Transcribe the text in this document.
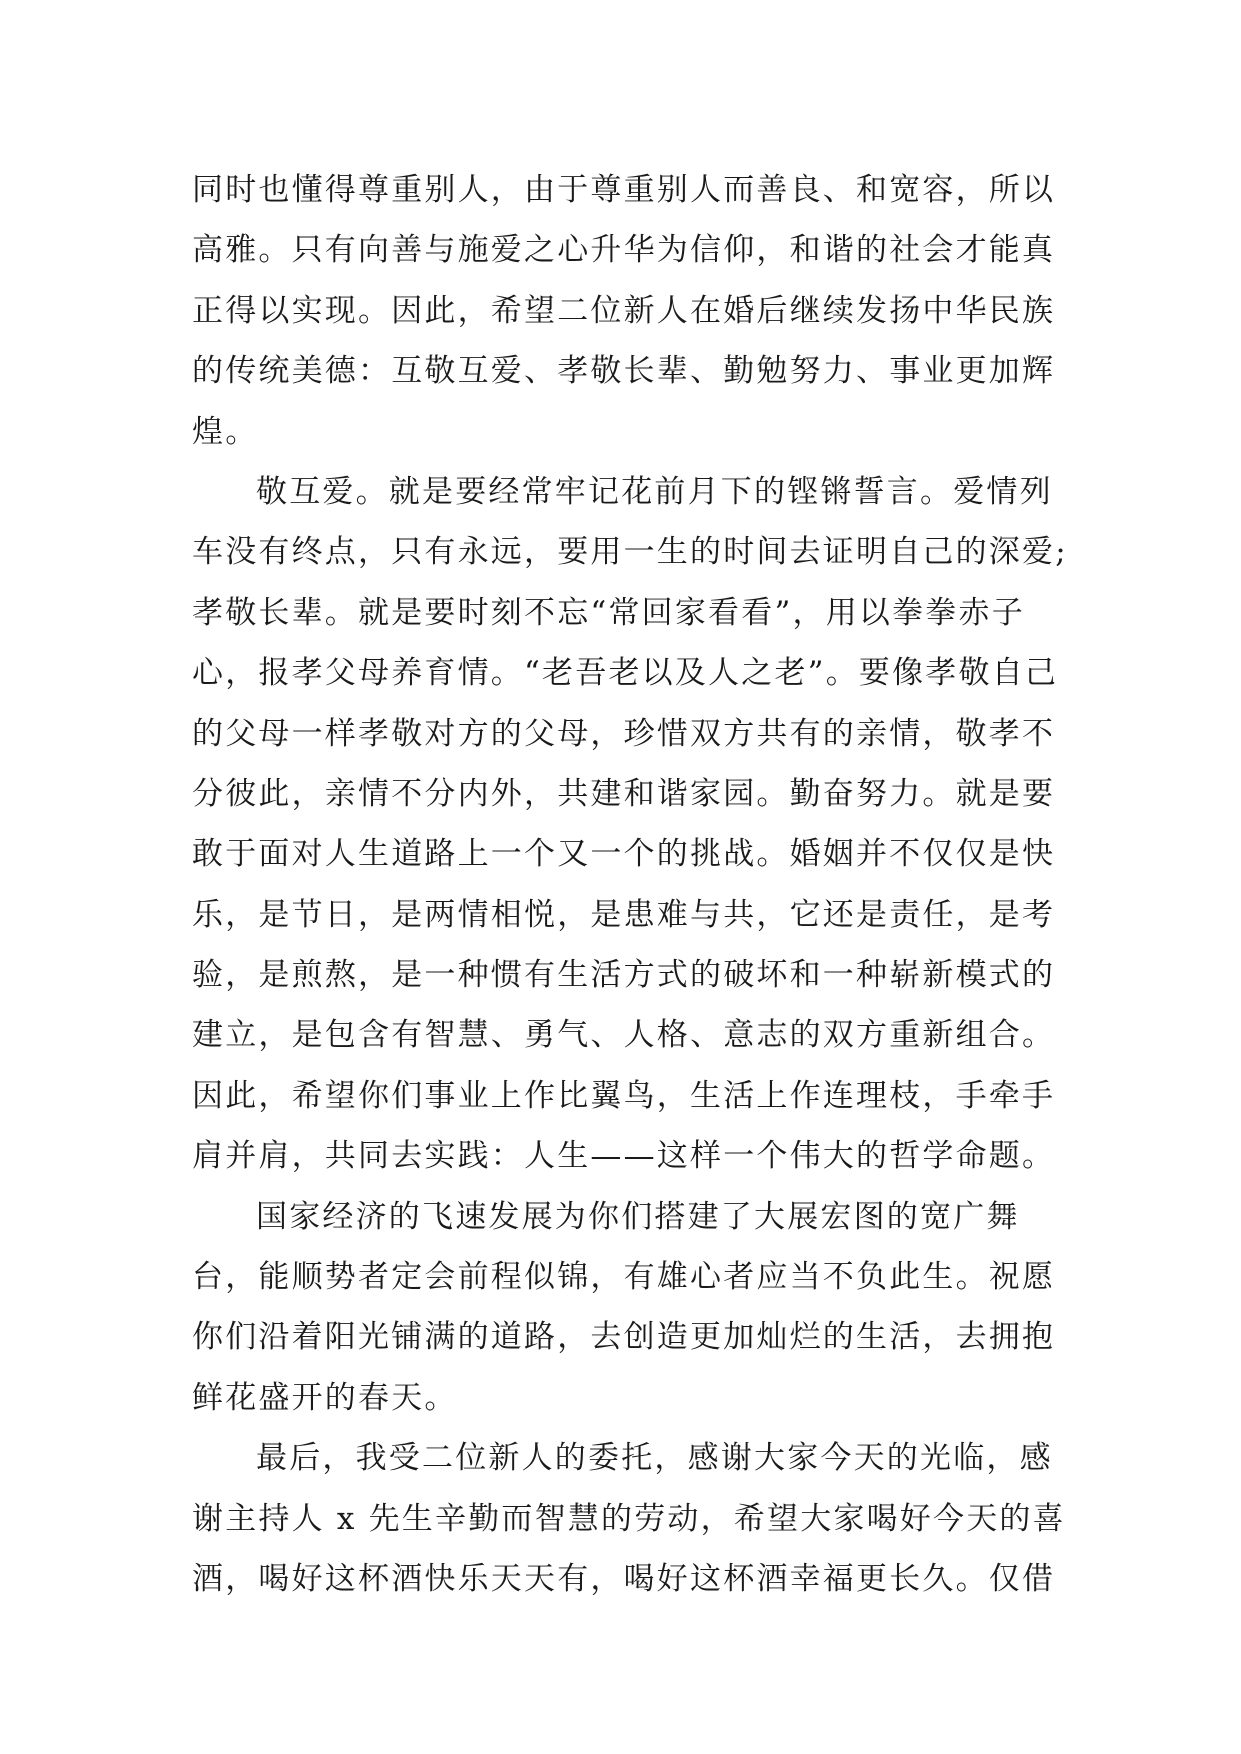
同时也懂得尊重别人，由于尊重别人而善良、和宽容，所以
高雅。只有向善与施爱之心升华为信仰，和谐的社会才能真
正得以实现。因此，希望二位新人在婚后继续发扬中华民族
的传统美德：互敬互爱、孝敬长辈、勤勉努力、事业更加辉
煌。
敬互爱。就是要经常牢记花前月下的铿锵誓言。爱情列
车没有终点，只有永远，要用一生的时间去证明自己的深爱;
孝敬长辈。就是要时刻不忘“常回家看看”，用以拳拳赤子
心，报孝父母养育情。“老吾老以及人之老”。要像孝敬自己
的父母一样孝敬对方的父母，珍惜双方共有的亲情，敬孝不
分彼此，亲情不分内外，共建和谐家园。勤奋努力。就是要
敢于面对人生道路上一个又一个的挑战。婚姻并不仅仅是快
乐，是节日，是两情相悦，是患难与共，它还是责任，是考
验，是煎熬，是一种惯有生活方式的破坏和一种崭新模式的
建立，是包含有智慧、勇气、人格、意志的双方重新组合。
因此，希望你们事业上作比翼鸟，生活上作连理枝，手牵手
肩并肩，共同去实践：人生——这样一个伟大的哲学命题。
国家经济的飞速发展为你们搭建了大展宏图的宽广舞
台，能顺势者定会前程似锦，有雄心者应当不负此生。祝愿
你们沿着阳光铺满的道路，去创造更加灿烂的生活，去拥抱
鲜花盛开的春天。
最后，我受二位新人的委托，感谢大家今天的光临，感
谢主持人 x 先生辛勤而智慧的劳动，希望大家喝好今天的喜
酒，喝好这杯酒快乐天天有，喝好这杯酒幸福更长久。仅借
